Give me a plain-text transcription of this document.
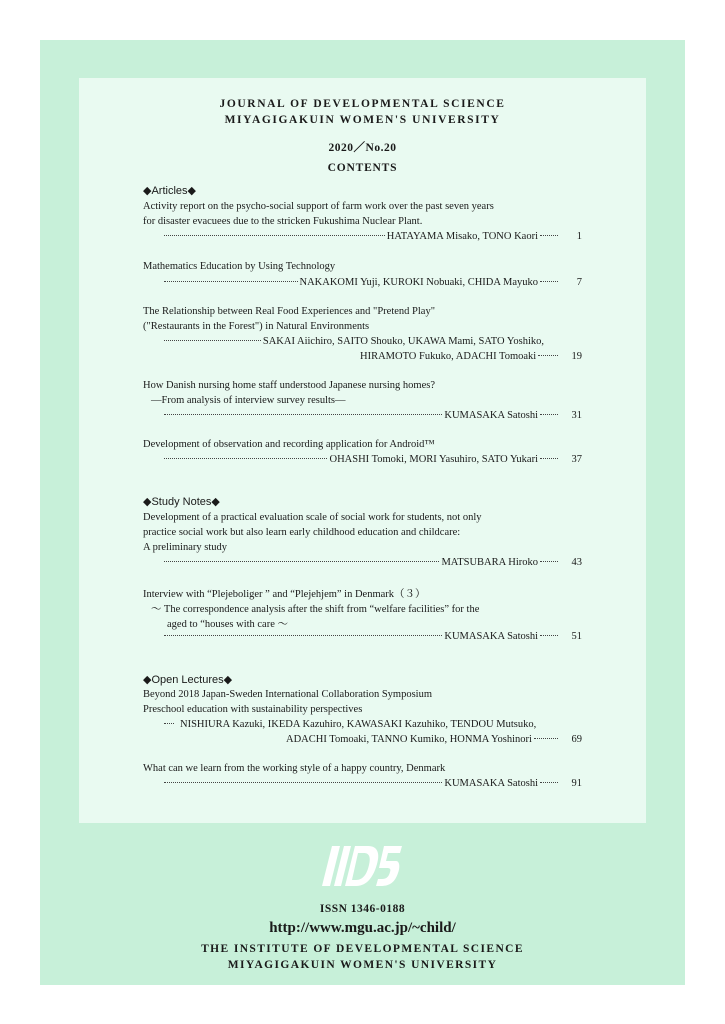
JOURNAL OF DEVELOPMENTAL SCIENCE
MIYAGIGAKUIN WOMEN'S UNIVERSITY
2020／No.20
CONTENTS
◆Articles◆
Activity report on the psycho-social support of farm work over the past seven years
for disaster evacuees due to the stricken Fukushima Nuclear Plant.
HATAYAMA Misako, TONO Kaori	1
Mathematics Education by Using Technology
NAKAKOMI Yuji, KUROKI Nobuaki, CHIDA Mayuko	7
The Relationship between Real Food Experiences and "Pretend Play"
("Restaurants in the Forest") in Natural Environments
SAKAI Aiichiro, SAITO Shouko, UKAWA Mami, SATO Yoshiko,
HIRAMOTO Fukuko, ADACHI Tomoaki	19
How Danish nursing home staff understood Japanese nursing homes?
—From analysis of interview survey results—
KUMASAKA Satoshi	31
Development of observation and recording application for Android™
OHASHI Tomoki, MORI Yasuhiro, SATO Yukari	37
◆Study Notes◆
Development of a practical evaluation scale of social work for students, not only
practice social work but also learn early childhood education and childcare:
A preliminary study
MATSUBARA Hiroko	43
Interview with “Plejeboliger ” and “Plejehjem” in Denmark（３）
～ The correspondence analysis after the shift from “welfare facilities” for the
aged to “houses with care ～
KUMASAKA Satoshi	51
◆Open Lectures◆
Beyond 2018 Japan-Sweden International Collaboration Symposium
Preschool education with sustainability perspectives
NISHIURA Kazuki, IKEDA Kazuhiro, KAWASAKI Kazuhiko, TENDOU Mutsuko,
ADACHI Tomoaki, TANNO Kumiko, HONMA Yoshinori	69
What can we learn from the working style of a happy country, Denmark
KUMASAKA Satoshi	91
ISSN 1346-0188
http://www.mgu.ac.jp/~child/
THE INSTITUTE OF DEVELOPMENTAL SCIENCE
MIYAGIGAKUIN WOMEN'S UNIVERSITY
